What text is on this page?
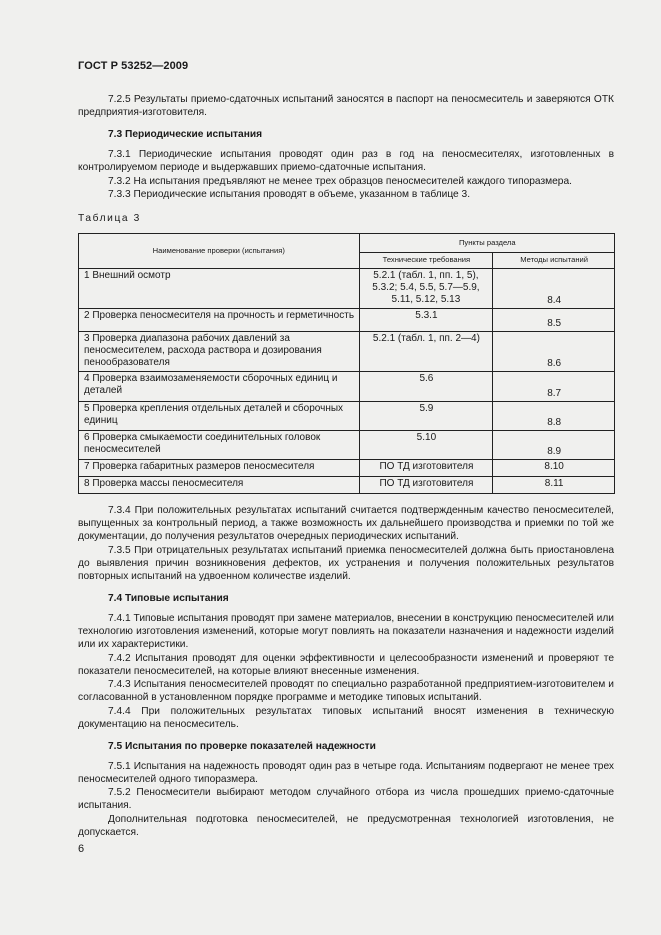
ГОСТ Р 53252—2009
7.2.5 Результаты приемо-сдаточных испытаний заносятся в паспорт на пеносмеситель и заверяются ОТК предприятия-изготовителя.
7.3 Периодические испытания
7.3.1 Периодические испытания проводят один раз в год на пеносмесителях, изготовленных в контролируемом периоде и выдержавших приемо-сдаточные испытания.
7.3.2 На испытания предъявляют не менее трех образцов пеносмесителей каждого типоразмера.
7.3.3 Периодические испытания проводят в объеме, указанном в таблице 3.
Таблица 3
Наименование проверки (испытания)	Пункты раздела	
	Технические требования	Методы испытаний
1 Внешний осмотр	5.2.1 (табл. 1, пп. 1, 5), 5.3.2; 5.4, 5.5, 5.7—5.9, 5.11, 5.12, 5.13	8.4
2 Проверка пеносмесителя на прочность и герметичность	5.3.1	8.5
3 Проверка диапазона рабочих давлений за пеносмесителем, расхода раствора и дозирования пенообразователя	5.2.1 (табл. 1, пп. 2—4)	8.6
4 Проверка взаимозаменяемости сборочных единиц и деталей	5.6	8.7
5 Проверка крепления отдельных деталей и сборочных единиц	5.9	8.8
6 Проверка смыкаемости соединительных головок пеносмесителей	5.10	8.9
7 Проверка габаритных размеров пеносмесителя	ПО ТД изготовителя	8.10
8 Проверка массы пеносмесителя	ПО ТД изготовителя	8.11
7.3.4 При положительных результатах испытаний считается подтвержденным качество пеносмесителей, выпущенных за контрольный период, а также возможность их дальнейшего производства и приемки по той же документации, до получения результатов очередных периодических испытаний.
7.3.5 При отрицательных результатах испытаний приемка пеносмесителей должна быть приостановлена до выявления причин возникновения дефектов, их устранения и получения положительных результатов повторных испытаний на удвоенном количестве изделий.
7.4 Типовые испытания
7.4.1 Типовые испытания проводят при замене материалов, внесении в конструкцию пеносмесителей или технологию изготовления изменений, которые могут повлиять на показатели назначения и надежности изделий или их характеристики.
7.4.2 Испытания проводят для оценки эффективности и целесообразности изменений и проверяют те показатели пеносмесителей, на которые влияют внесенные изменения.
7.4.3 Испытания пеносмесителей проводят по специально разработанной предприятием-изготовителем и согласованной в установленном порядке программе и методике типовых испытаний.
7.4.4 При положительных результатах типовых испытаний вносят изменения в техническую документацию на пеносмеситель.
7.5 Испытания по проверке показателей надежности
7.5.1 Испытания на надежность проводят один раз в четыре года. Испытаниям подвергают не менее трех пеносмесителей одного типоразмера.
7.5.2 Пеносмесители выбирают методом случайного отбора из числа прошедших приемо-сдаточные испытания.
Дополнительная подготовка пеносмесителей, не предусмотренная технологией изготовления, не допускается.
6
